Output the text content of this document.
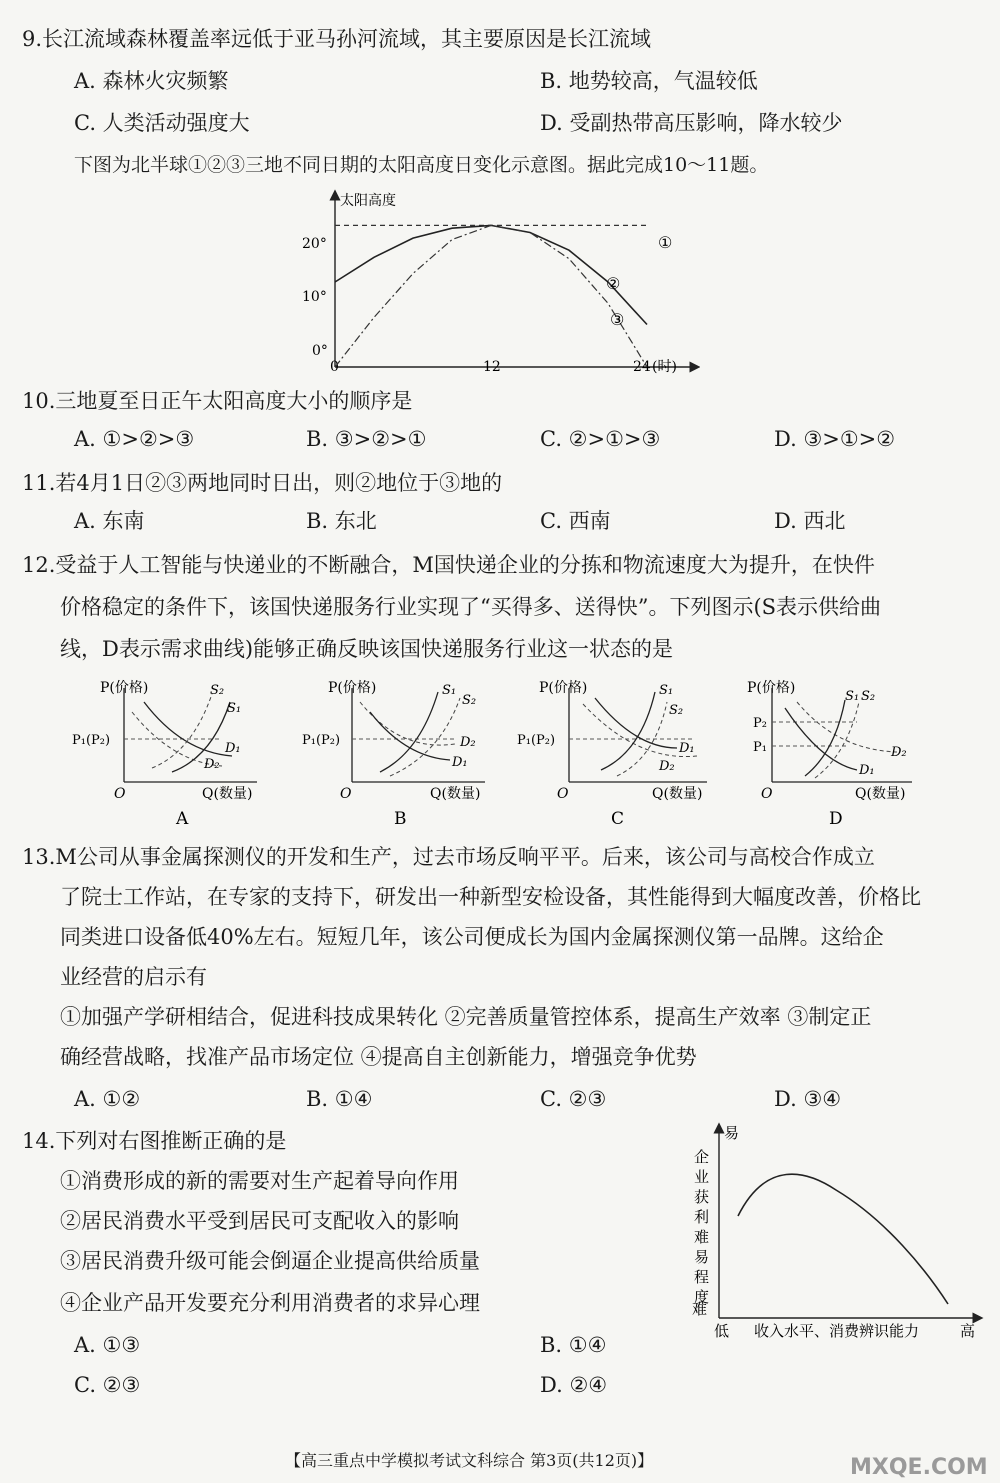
9.长江流域森林覆盖率远低于亚马孙河流域，其主要原因是长江流域
A. 森林火灾频繁	B. 地势较高，气温较低
C. 人类活动强度大	D. 受副热带高压影响，降水较少
下图为北半球①②③三地不同日期的太阳高度日变化示意图。据此完成10～11题。
太阳高度
20°
10°
0°
0	12	24 (时)
①
②
③
10.三地夏至日正午太阳高度大小的顺序是
A. ①>②>③	B. ③>②>①	C. ②>①>③	D. ③>①>②
11.若4月1日②③两地同时日出，则②地位于③地的
A. 东南	B. 东北	C. 西南	D. 西北
12.受益于人工智能与快递业的不断融合，M国快递企业的分拣和物流速度大为提升，在快件
价格稳定的条件下，该国快递服务行业实现了“买得多、送得快”。下列图示(S表示供给曲
线，D表示需求曲线)能够正确反映该国快递服务行业这一状态的是
P(价格)
Q(数量)
O
P₁(P₂)
S₂
S₁
D₁
D₂
A
P(价格)
Q(数量)
O
P₁(P₂)
S₁
S₂
D₂
D₁
B
P(价格)
Q(数量)
O
P₁(P₂)
S₁
S₂
D₁
D₂
C
P(价格)
Q(数量)
O
P₂
P₁
S₁ S₂
D₁
D₂
D
13.M公司从事金属探测仪的开发和生产，过去市场反响平平。后来，该公司与高校合作成立
了院士工作站，在专家的支持下，研发出一种新型安检设备，其性能得到大幅度改善，价格比
同类进口设备低40%左右。短短几年，该公司便成长为国内金属探测仪第一品牌。这给企
业经营的启示有
①加强产学研相结合，促进科技成果转化 ②完善质量管控体系，提高生产效率 ③制定正
确经营战略，找准产品市场定位 ④提高自主创新能力，增强竞争优势
A. ①②	B. ①④	C. ②③	D. ③④
14.下列对右图推断正确的是
①消费形成的新的需要对生产起着导向作用
②居民消费水平受到居民可支配收入的影响
③居民消费升级可能会倒逼企业提高供给质量
④企业产品开发要充分利用消费者的求异心理
A. ①③	B. ①④
C. ②③	D. ②④
易
难
企
业
获
利
难
易
程
度
低 收入水平、消费辨识能力	高
【高三重点中学模拟考试文科综合 第3页(共12页)】	MXQE.COM
